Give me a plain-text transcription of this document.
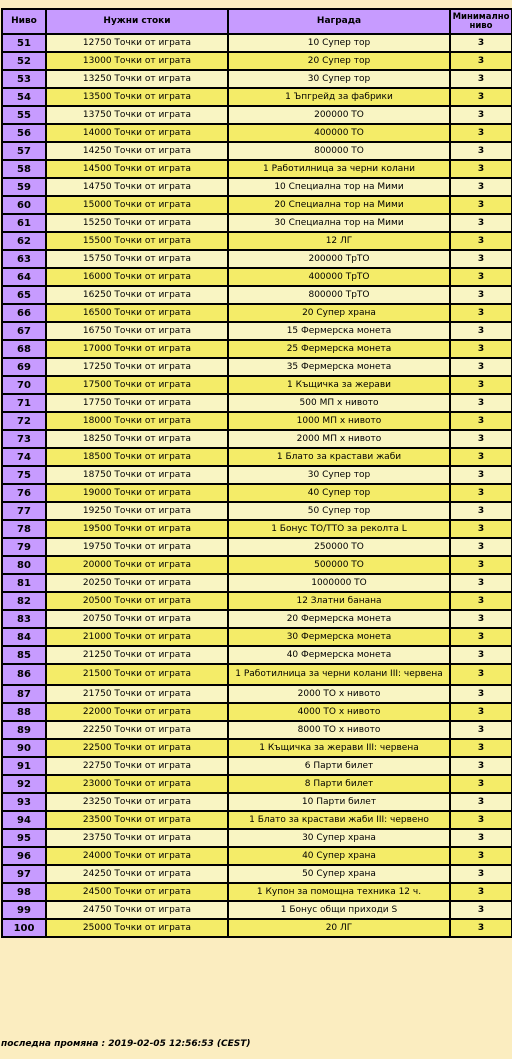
Ниво	Нужни стоки	Награда	Минимално
ниво
51	12750 Точки от играта	10 Супер тор	3
52	13000 Точки от играта	20 Супер тор	3
53	13250 Точки от играта	30 Супер тор	3
54	13500 Точки от играта	1 Ъпгрейд за фабрики	3
55	13750 Точки от играта	200000 ТО	3
56	14000 Точки от играта	400000 ТО	3
57	14250 Точки от играта	800000 ТО	3
58	14500 Точки от играта	1 Работилница за черни колани	3
59	14750 Точки от играта	10 Специална тор на Мими	3
60	15000 Точки от играта	20 Специална тор на Мими	3
61	15250 Точки от играта	30 Специална тор на Мими	3
62	15500 Точки от играта	12 ЛГ	3
63	15750 Точки от играта	200000 ТрТО	3
64	16000 Точки от играта	400000 ТрТО	3
65	16250 Точки от играта	800000 ТрТО	3
66	16500 Точки от играта	20 Супер храна	3
67	16750 Точки от играта	15 Фермерска монета	3
68	17000 Точки от играта	25 Фермерска монета	3
69	17250 Точки от играта	35 Фермерска монета	3
70	17500 Точки от играта	1 Къщичка за жерави	3
71	17750 Точки от играта	500 МП x нивото	3
72	18000 Точки от играта	1000 МП x нивото	3
73	18250 Точки от играта	2000 МП x нивото	3
74	18500 Точки от играта	1 Блато за крастави жаби	3
75	18750 Точки от играта	30 Супер тор	3
76	19000 Точки от играта	40 Супер тор	3
77	19250 Точки от играта	50 Супер тор	3
78	19500 Точки от играта	1 Бонус ТО/ТТО за реколта L	3
79	19750 Точки от играта	250000 ТО	3
80	20000 Точки от играта	500000 ТО	3
81	20250 Точки от играта	1000000 ТО	3
82	20500 Точки от играта	12 Златни банана	3
83	20750 Точки от играта	20 Фермерска монета	3
84	21000 Точки от играта	30 Фермерска монета	3
85	21250 Точки от играта	40 Фермерска монета	3
86	21500 Точки от играта	1 Работилница за черни колани III: червена	3
87	21750 Точки от играта	2000 ТО x нивото	3
88	22000 Точки от играта	4000 ТО x нивото	3
89	22250 Точки от играта	8000 ТО x нивото	3
90	22500 Точки от играта	1 Къщичка за жерави III: червена	3
91	22750 Точки от играта	6 Парти билет	3
92	23000 Точки от играта	8 Парти билет	3
93	23250 Точки от играта	10 Парти билет	3
94	23500 Точки от играта	1 Блато за крастави жаби III: червено	3
95	23750 Точки от играта	30 Супер храна	3
96	24000 Точки от играта	40 Супер храна	3
97	24250 Точки от играта	50 Супер храна	3
98	24500 Точки от играта	1 Купон за помощна техника 12 ч.	3
99	24750 Точки от играта	1 Бонус общи приходи S	3
100	25000 Точки от играта	20 ЛГ	3
последна промяна : 2019-02-05 12:56:53 (CEST)
